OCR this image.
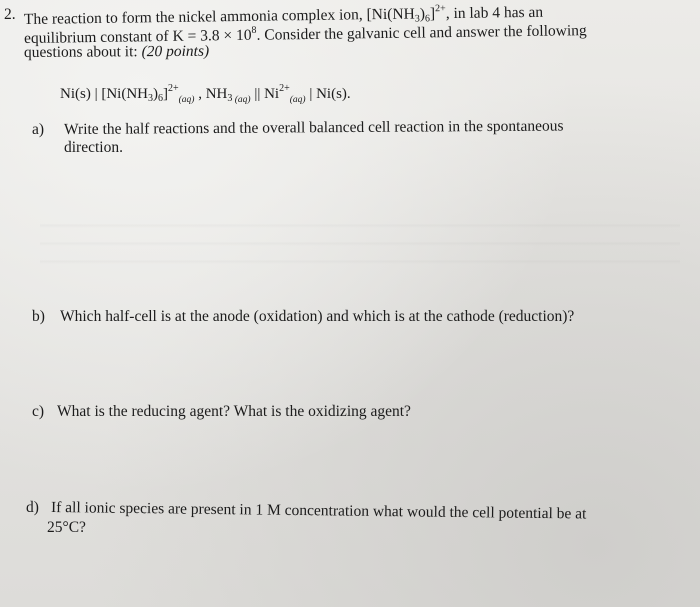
2. The reaction to form the nickel ammonia complex ion, $[Ni(NH_3)_6]^{2+}$, in lab 4 has an
equilibrium constant of $K = 3.8 \times 10^8$. Consider the galvanic cell and answer the following
questions about it: (20 points)
Ni(s) | $[Ni(NH_3)_6]^{2+}_{(aq)}$ , $NH_3$ $_{(aq)}$ || $Ni^{2+}_{(aq)}$ | Ni(s).
a) Write the half reactions and the overall balanced cell reaction in the spontaneous
direction.
b) Which half-cell is at the anode (oxidation) and which is at the cathode (reduction)?
c) What is the reducing agent? What is the oxidizing agent?
d) If all ionic species are present in 1 M concentration what would the cell potential be at
25°C?
